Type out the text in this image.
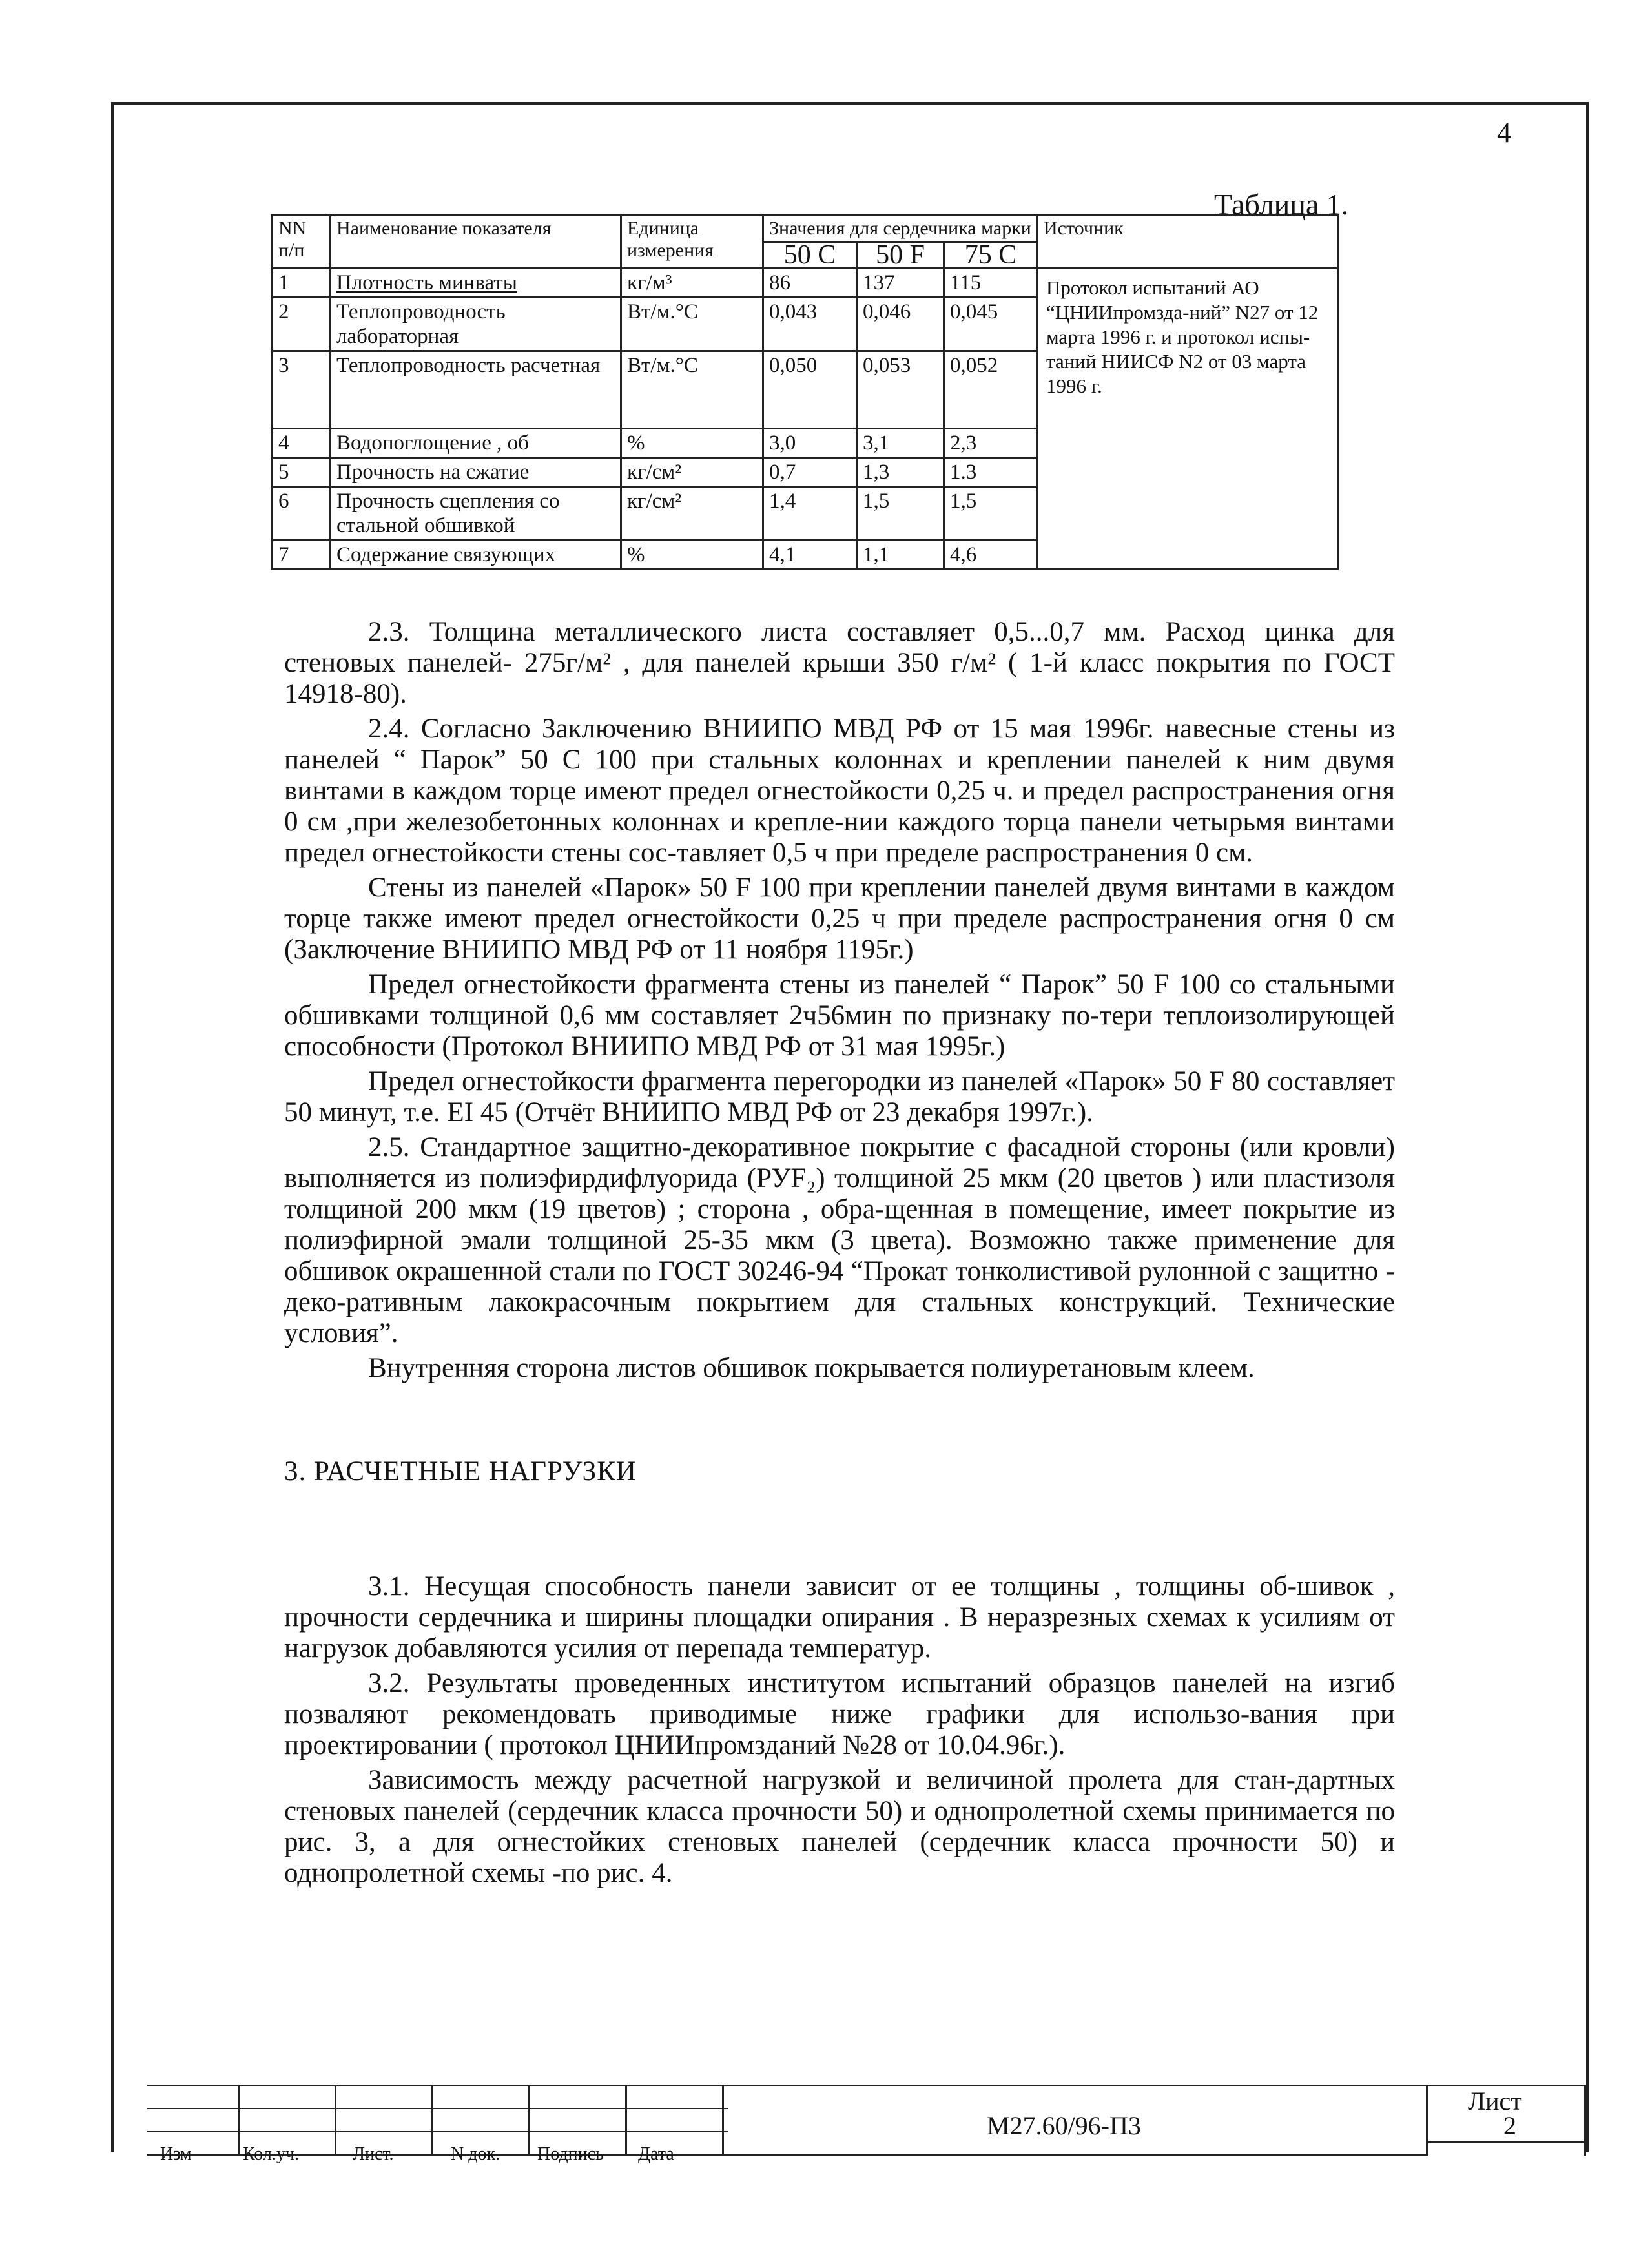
4
Таблица 1.
NN п/п	Наименование показателя	Единица измерения	Значения для сердечника марки			Источник
			50 C	50 F	75 C	
1	Плотность минваты	кг/м³	86	137	115	Протокол испытаний АО “ЦНИИпромзда-ний” N27 от 12 марта 1996 г. и протокол испы-таний НИИСФ N2 от 03 марта 1996 г.
2	Теплопроводность лабораторная	Вт/м.°C	0,043	0,046	0,045	
3	Теплопроводность расчетная	Вт/м.°C	0,050	0,053	0,052	
4	Водопоглощение , об	%	3,0	3,1	2,3	
5	Прочность на сжатие	кг/см²	0,7	1,3	1.3	
6	Прочность сцепления со стальной обшивкой	кг/см²	1,4	1,5	1,5	
7	Содержание связующих	%	4,1	1,1	4,6	

2.3. Толщина металлического листа составляет 0,5...0,7 мм. Расход цинка для стеновых панелей- 275г/м² , для панелей крыши 350 г/м² ( 1-й класс покрытия по ГОСТ 14918-80).

2.4. Согласно Заключению ВНИИПО МВД РФ от 15 мая 1996г. навесные стены из панелей “ Парок” 50 С 100 при стальных колоннах и креплении панелей к ним двумя винтами в каждом торце имеют предел огнестойкости 0,25 ч. и предел распространения огня 0 см ,при железобетонных колоннах и крепле-нии каждого торца панели четырьмя винтами предел огнестойкости стены сос-тавляет 0,5 ч при пределе распространения 0 см.

Стены из панелей «Парок» 50 F 100 при креплении панелей двумя винтами в каждом торце также имеют предел огнестойкости 0,25 ч при пределе распространения огня 0 см (Заключение ВНИИПО МВД РФ от 11 ноября 1195г.)

Предел огнестойкости фрагмента стены из панелей “ Парок” 50 F 100 со стальными обшивками толщиной 0,6 мм составляет 2ч56мин по признаку по-тери теплоизолирующей способности (Протокол ВНИИПО МВД РФ от 31 мая 1995г.)

Предел огнестойкости фрагмента перегородки из панелей «Парок» 50 F 80 составляет 50 минут, т.е. EI 45 (Отчёт ВНИИПО МВД РФ от 23 декабря 1997г.).

2.5. Стандартное защитно-декоративное покрытие с фасадной стороны (или кровли) выполняется из полиэфирдифлуорида (РУF₂) толщиной 25 мкм (20 цветов ) или пластизоля толщиной 200 мкм (19 цветов) ; сторона , обра-щенная в помещение, имеет покрытие из полиэфирной эмали толщиной 25-35 мкм (3 цвета). Возможно также применение для обшивок окрашенной стали по ГОСТ 30246-94 “Прокат тонколистивой рулонной с защитно - деко-ративным лакокрасочным покрытием для стальных конструкций. Технические условия”.

Внутренняя сторона листов обшивок покрывается полиуретановым клеем.

3. РАСЧЕТНЫЕ НАГРУЗКИ

3.1. Несущая способность панели зависит от ее толщины , толщины об-шивок , прочности сердечника и ширины площадки опирания . В неразрезных схемах к усилиям от нагрузок добавляются усилия от перепада температур.

3.2. Результаты проведенных институтом испытаний образцов панелей на изгиб позваляют рекомендовать приводимые ниже графики для использо-вания при проектировании ( протокол ЦНИИпромзданий №28 от 10.04.96г.).

Зависимость между расчетной нагрузкой и величиной пролета для стан-дартных стеновых панелей (сердечник класса прочности 50) и однопролетной схемы принимается по рис. 3, а для огнестойких стеновых панелей (сердечник класса прочности 50) и однопролетной схемы -по рис. 4.

Изм	Кол.уч.	Лист.	N док. Подпись Дата
М27.60/96-П3
Лист
2
